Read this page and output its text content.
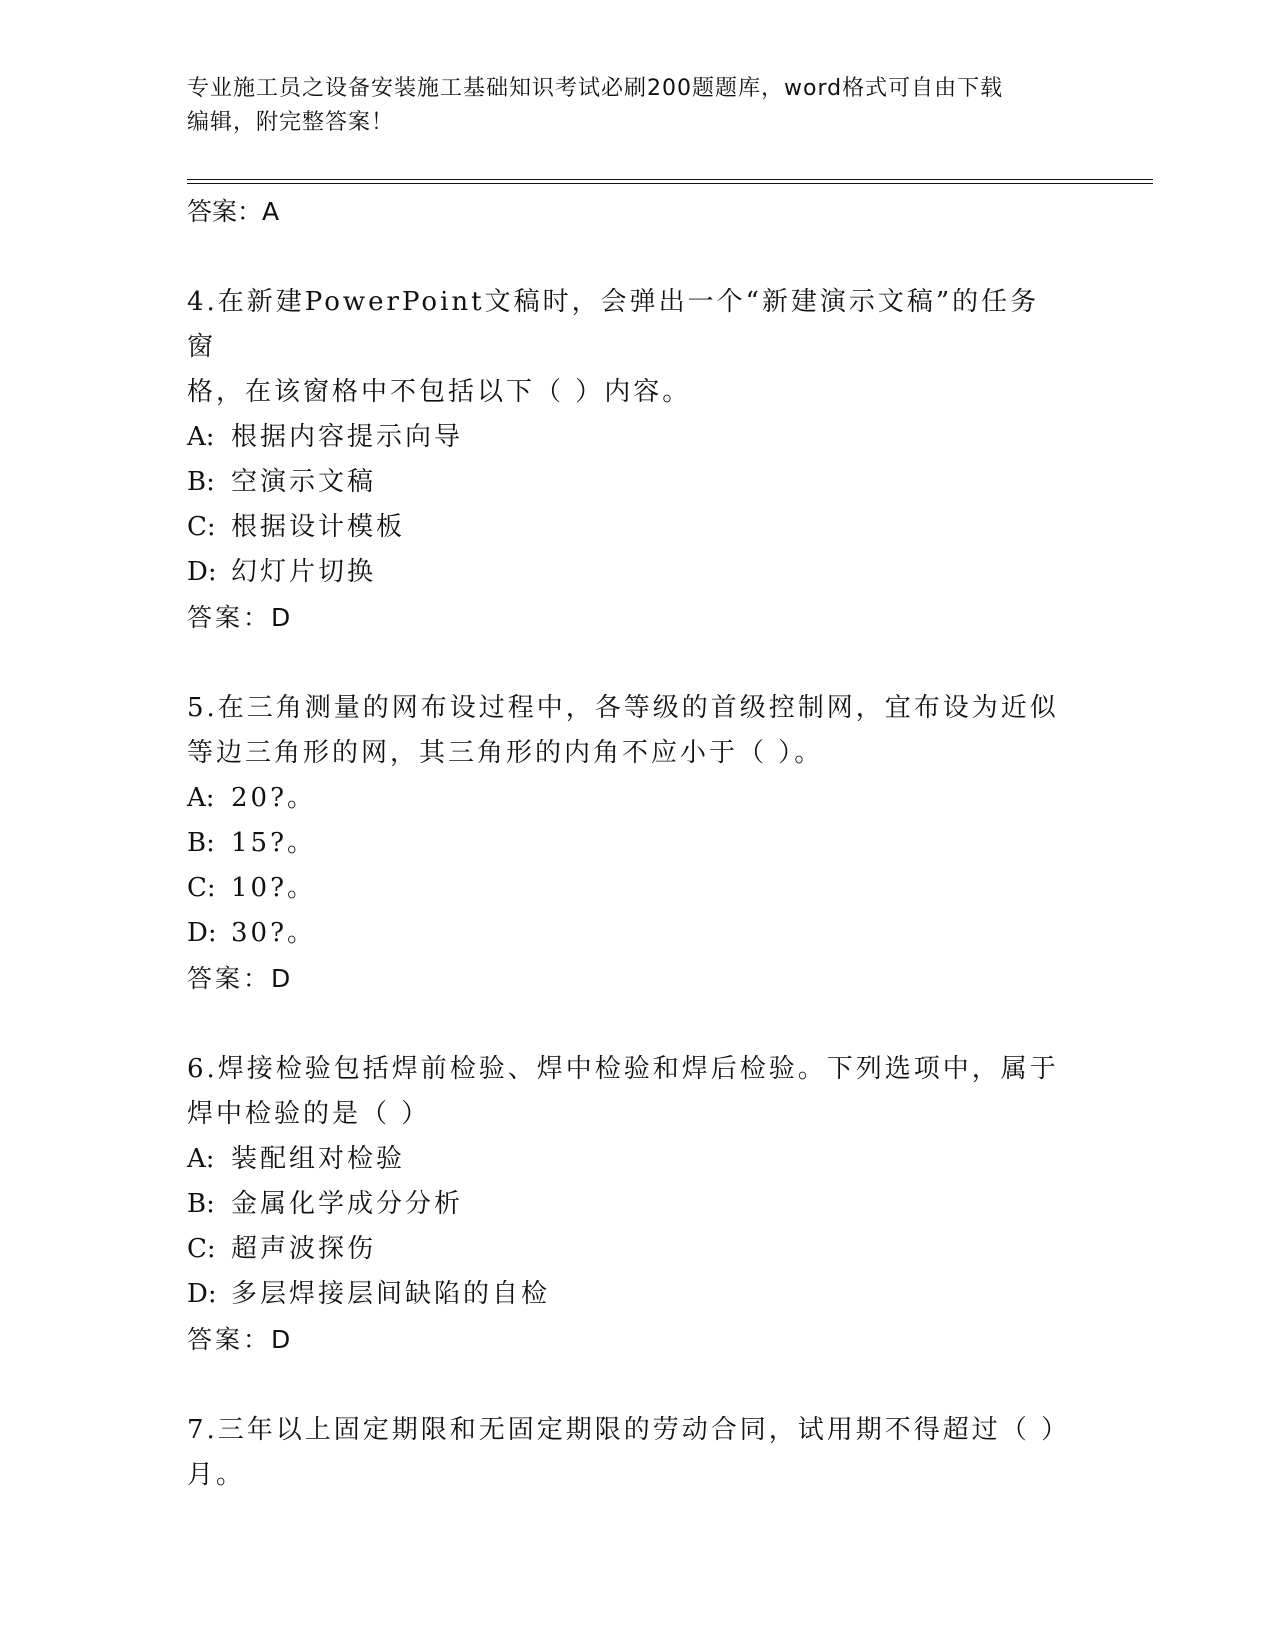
专业施工员之设备安装施工基础知识考试必刷200题题库，word格式可自由下载
编辑，附完整答案！
答案：A
4.在新建PowerPoint文稿时，会弹出一个“新建演示文稿”的任务窗
格，在该窗格中不包括以下（ ）内容。
A: 根据内容提示向导
B: 空演示文稿
C: 根据设计模板
D: 幻灯片切换
答案：D
5.在三角测量的网布设过程中，各等级的首级控制网，宜布设为近似
等边三角形的网，其三角形的内角不应小于（ ）。
A: 20?。
B: 15?。
C: 10?。
D: 30?。
答案：D
6.焊接检验包括焊前检验、焊中检验和焊后检验。下列选项中，属于
焊中检验的是（ ）
A: 装配组对检验
B: 金属化学成分分析
C: 超声波探伤
D: 多层焊接层间缺陷的自检
答案：D
7.三年以上固定期限和无固定期限的劳动合同，试用期不得超过（ ）
月。
